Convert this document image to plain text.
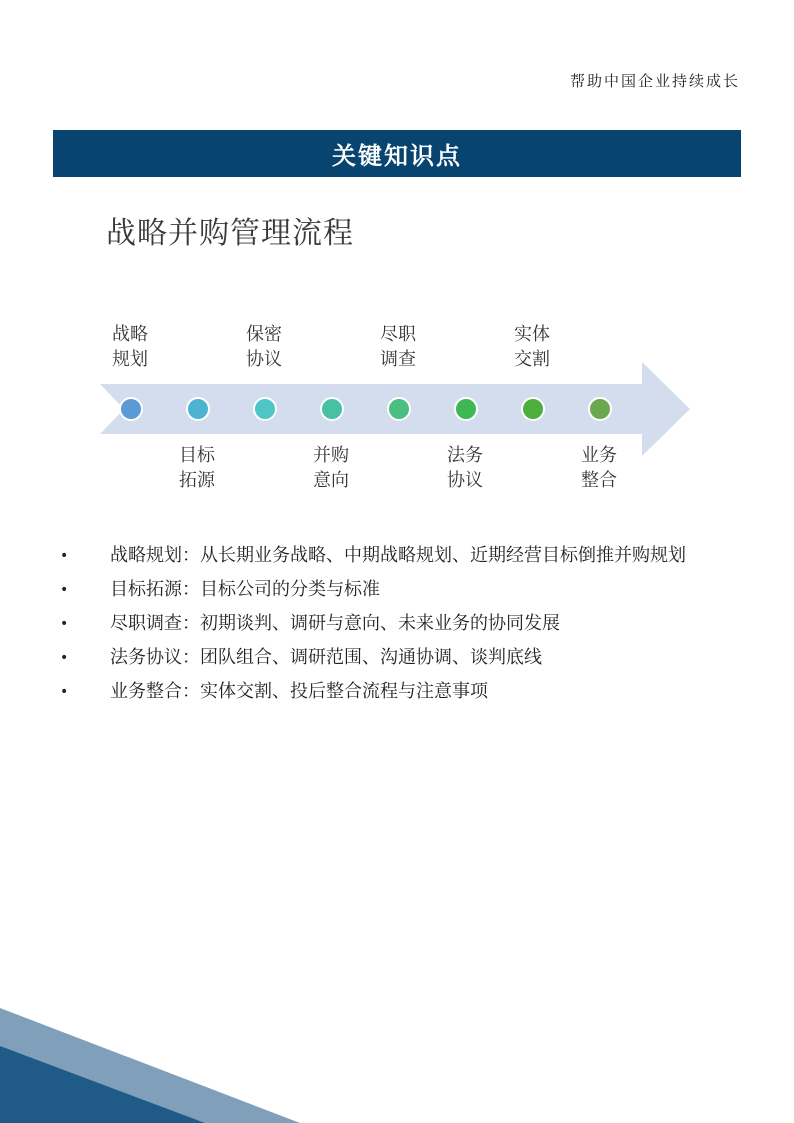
帮助中国企业持续成长
关键知识点
战略并购管理流程
战略
规划
目标
拓源
保密
协议
并购
意向
尽职
调查
法务
协议
实体
交割
业务
整合
• 战略规划：从长期业务战略、中期战略规划、近期经营目标倒推并购规划
• 目标拓源：目标公司的分类与标准
• 尽职调查：初期谈判、调研与意向、未来业务的协同发展
• 法务协议：团队组合、调研范围、沟通协调、谈判底线
• 业务整合：实体交割、投后整合流程与注意事项
